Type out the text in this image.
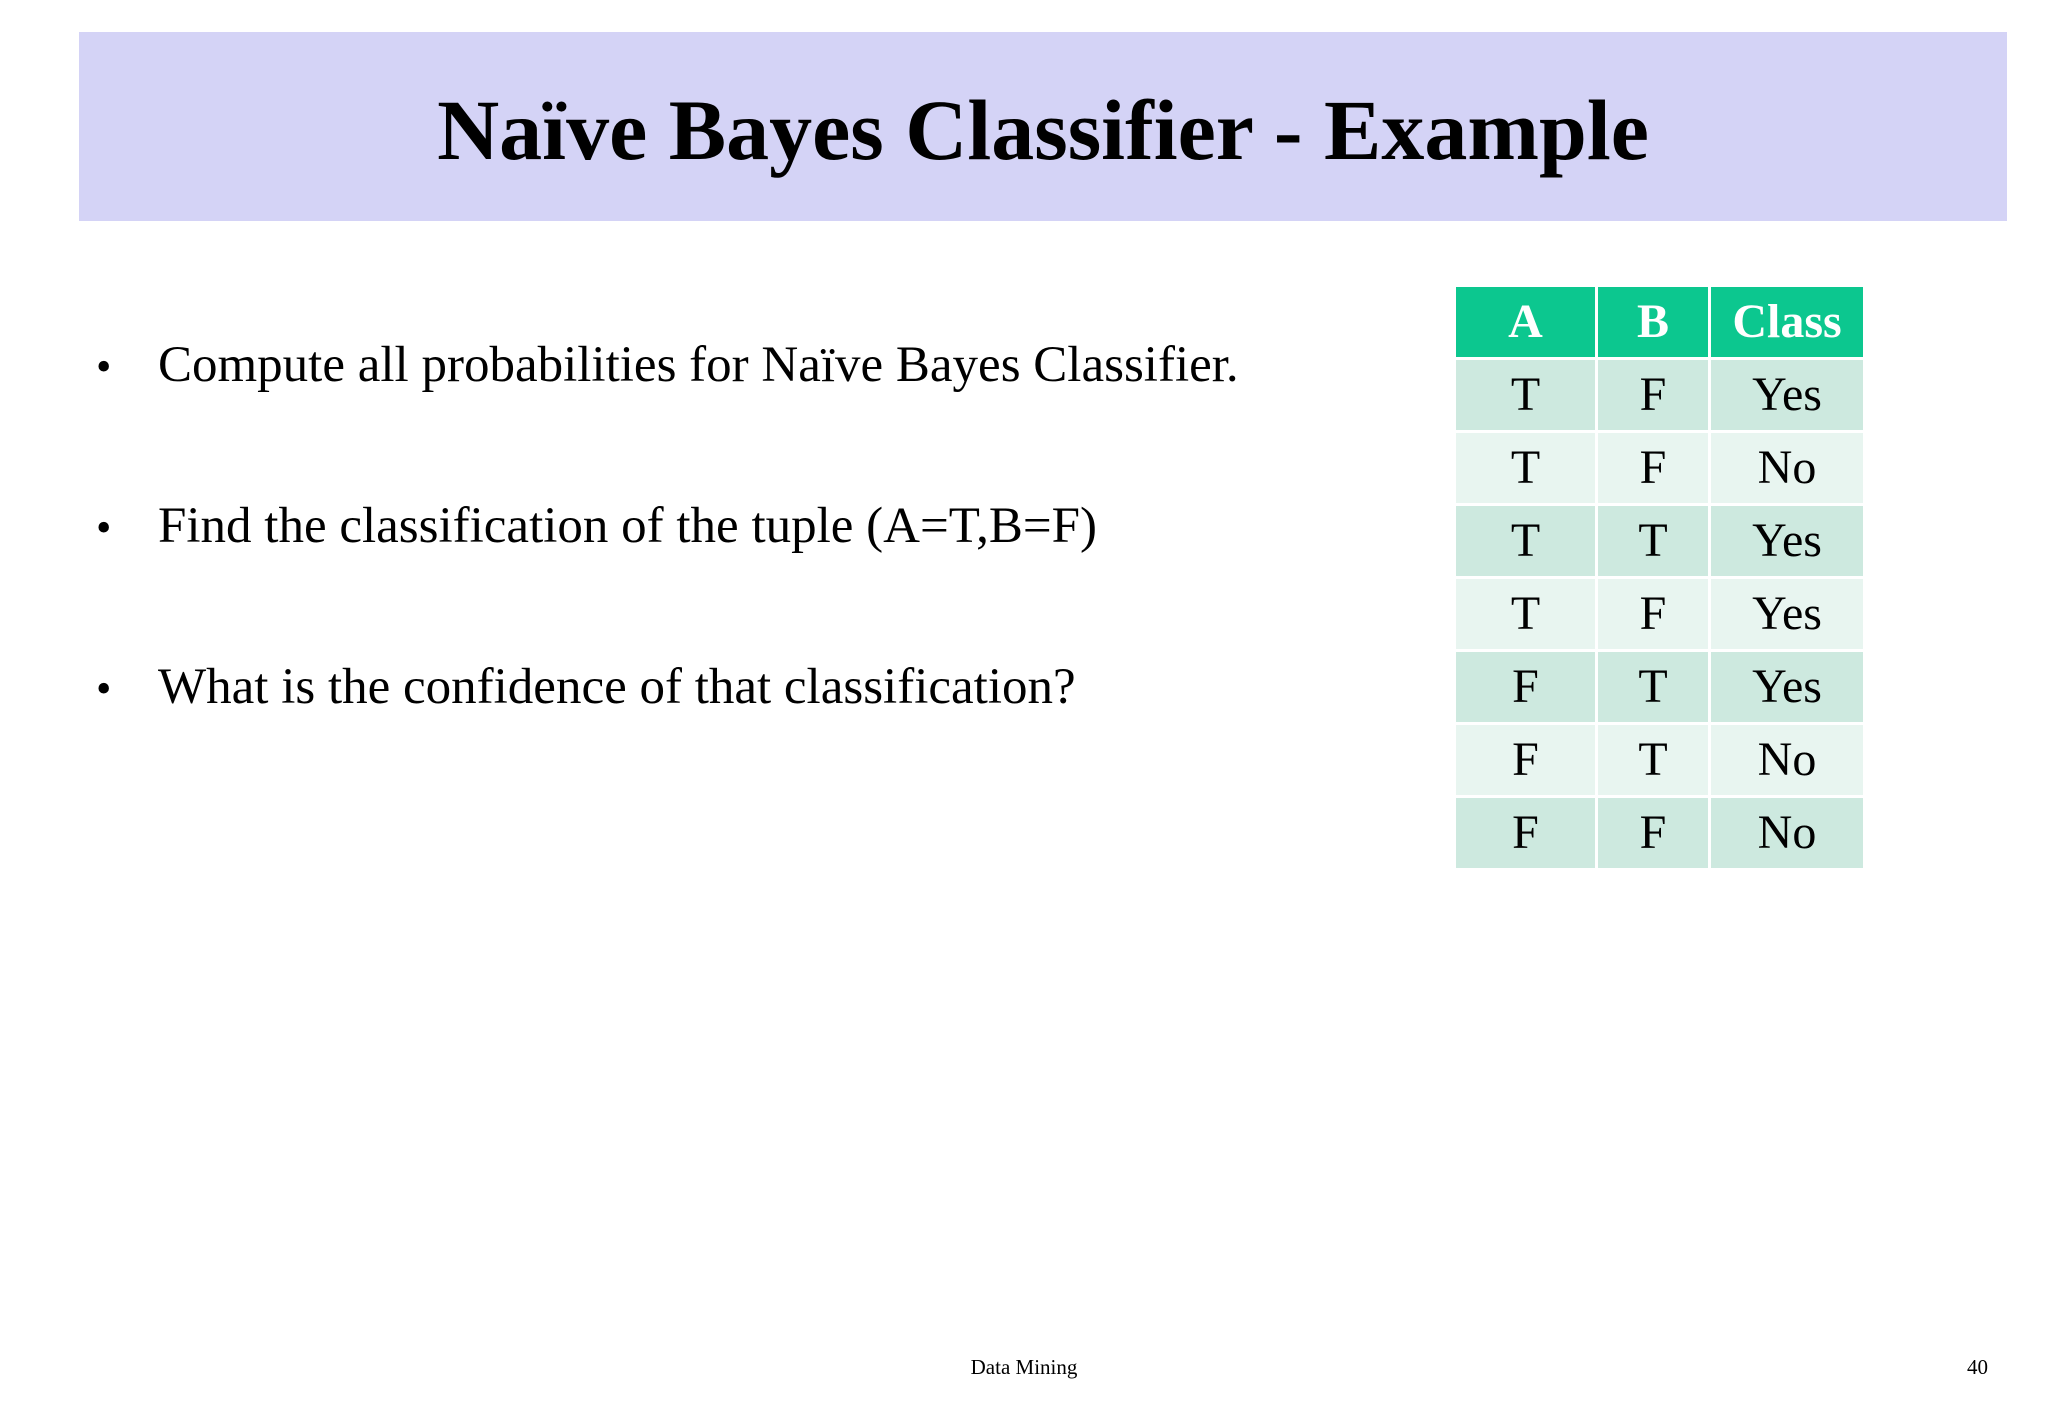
Naïve Bayes Classifier - Example
• Compute all probabilities for Naïve Bayes Classifier.
• Find the classification of the tuple (A=T,B=F)
• What is the confidence of that classification?
A	B	Class
T	F	Yes
T	F	No
T	T	Yes
T	F	Yes
F	T	Yes
F	T	No
F	F	No
Data Mining	40
